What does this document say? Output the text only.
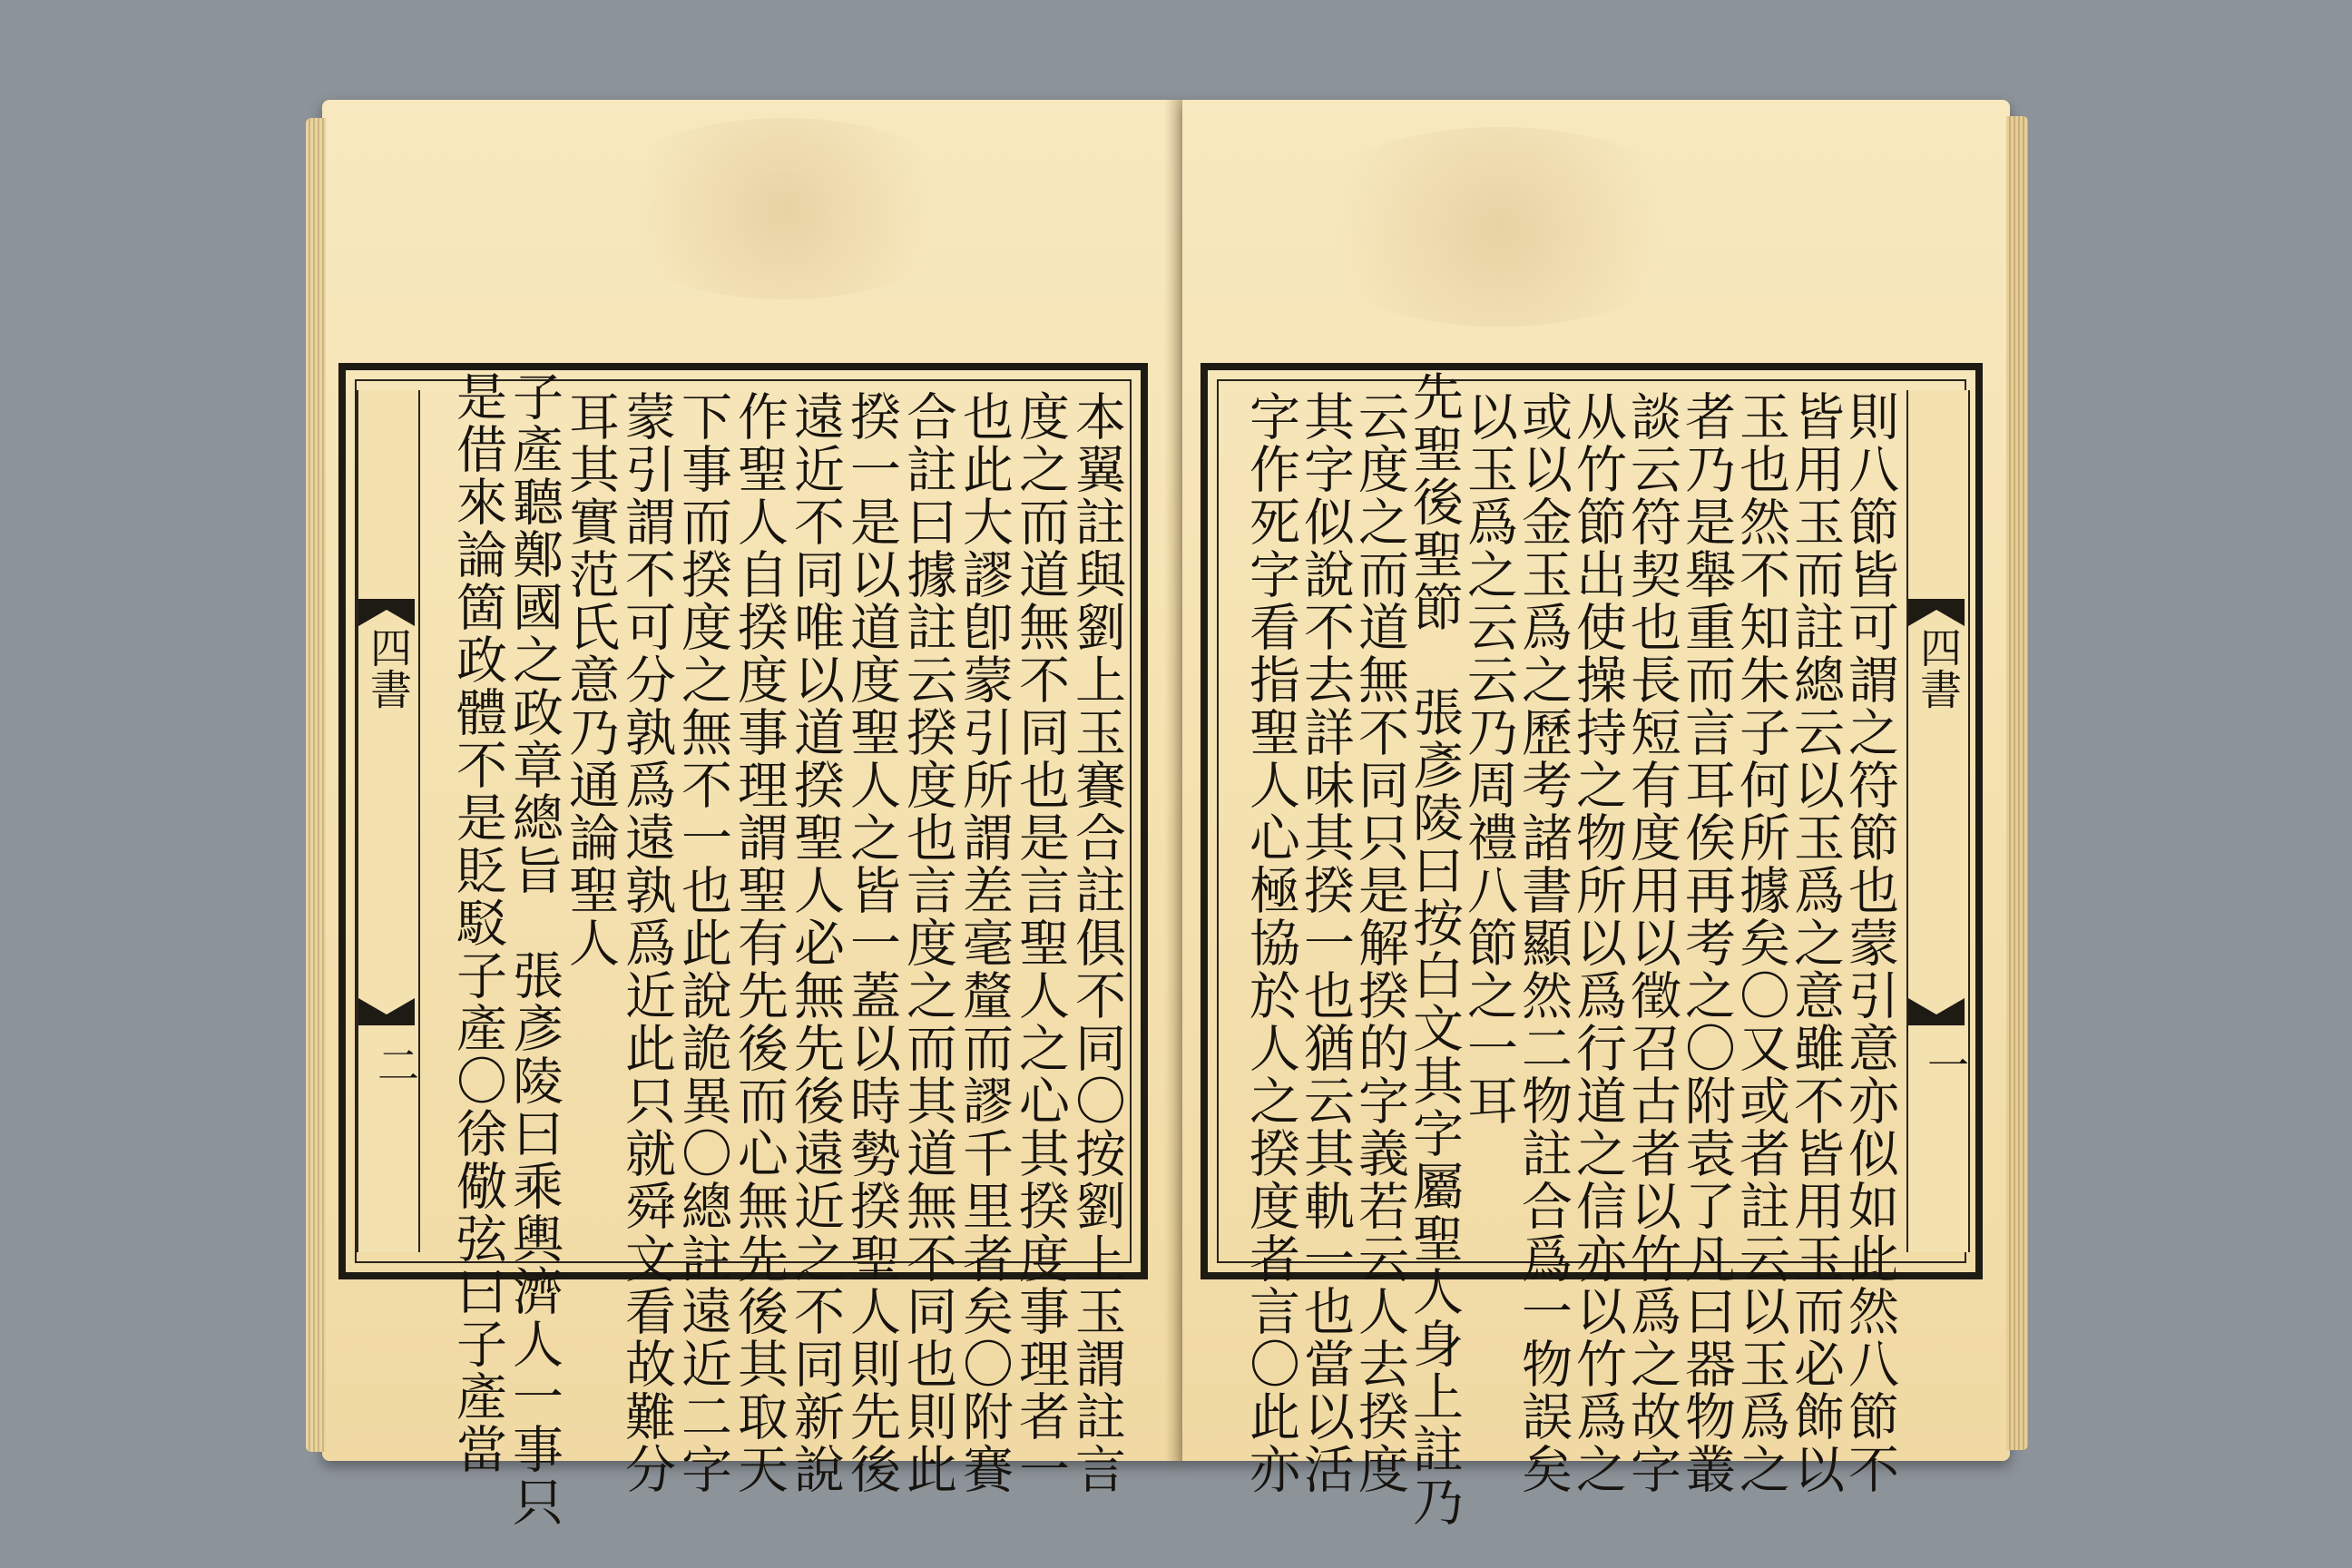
四書
二	本翼註與劉上玉賽合註俱不同〇按劉上玉謂註言
度之而道無不同也是言聖人之心其揆度事理者一
也此大謬卽蒙引所謂差毫釐而謬千里者矣〇附賽
合註曰據註云揆度也言度之而其道無不同也則此
揆一是以道度聖人之皆一蓋以時勢揆聖人則先後
遠近不同唯以道揆聖人必無先後遠近之不同新說
作聖人自揆度事理謂聖有先後而心無先後其取天
下事而揆度之無不一也此說詭異〇總註遠近二字
蒙引謂不可分孰爲遠孰爲近此只就舜文看故難分
耳其實范氏意乃通論聖人
子產聽鄭國之政章總旨　張彥陵曰乘輿濟人一事只
是借來論箇政體不是貶駁子產〇徐儆弦曰子產當	則八節皆可謂之符節也蒙引意亦似如此然八節不
皆用玉而註總云以玉爲之意雖不皆用玉而必飾以
玉也然不知朱子何所據矣〇又或者註云以玉爲之
者乃是舉重而言耳俟再考之〇附袁了凡曰器物叢
談云符契也長短有度用以徵召古者以竹爲之故字
从竹節出使操持之物所以爲行道之信亦以竹爲之
或以金玉爲之歷考諸書顯然二物註合爲一物誤矣
以玉爲之云云乃周禮八節之一耳
先聖後聖節　張彥陵曰按白文其字屬聖人身上註乃
云度之而道無不同只是解揆的字義若云人去揆度
其字似說不去詳味其揆一也猶云其軌一也當以活
字作死字看指聖人心極協於人之揆度者言〇此亦	四書
一
